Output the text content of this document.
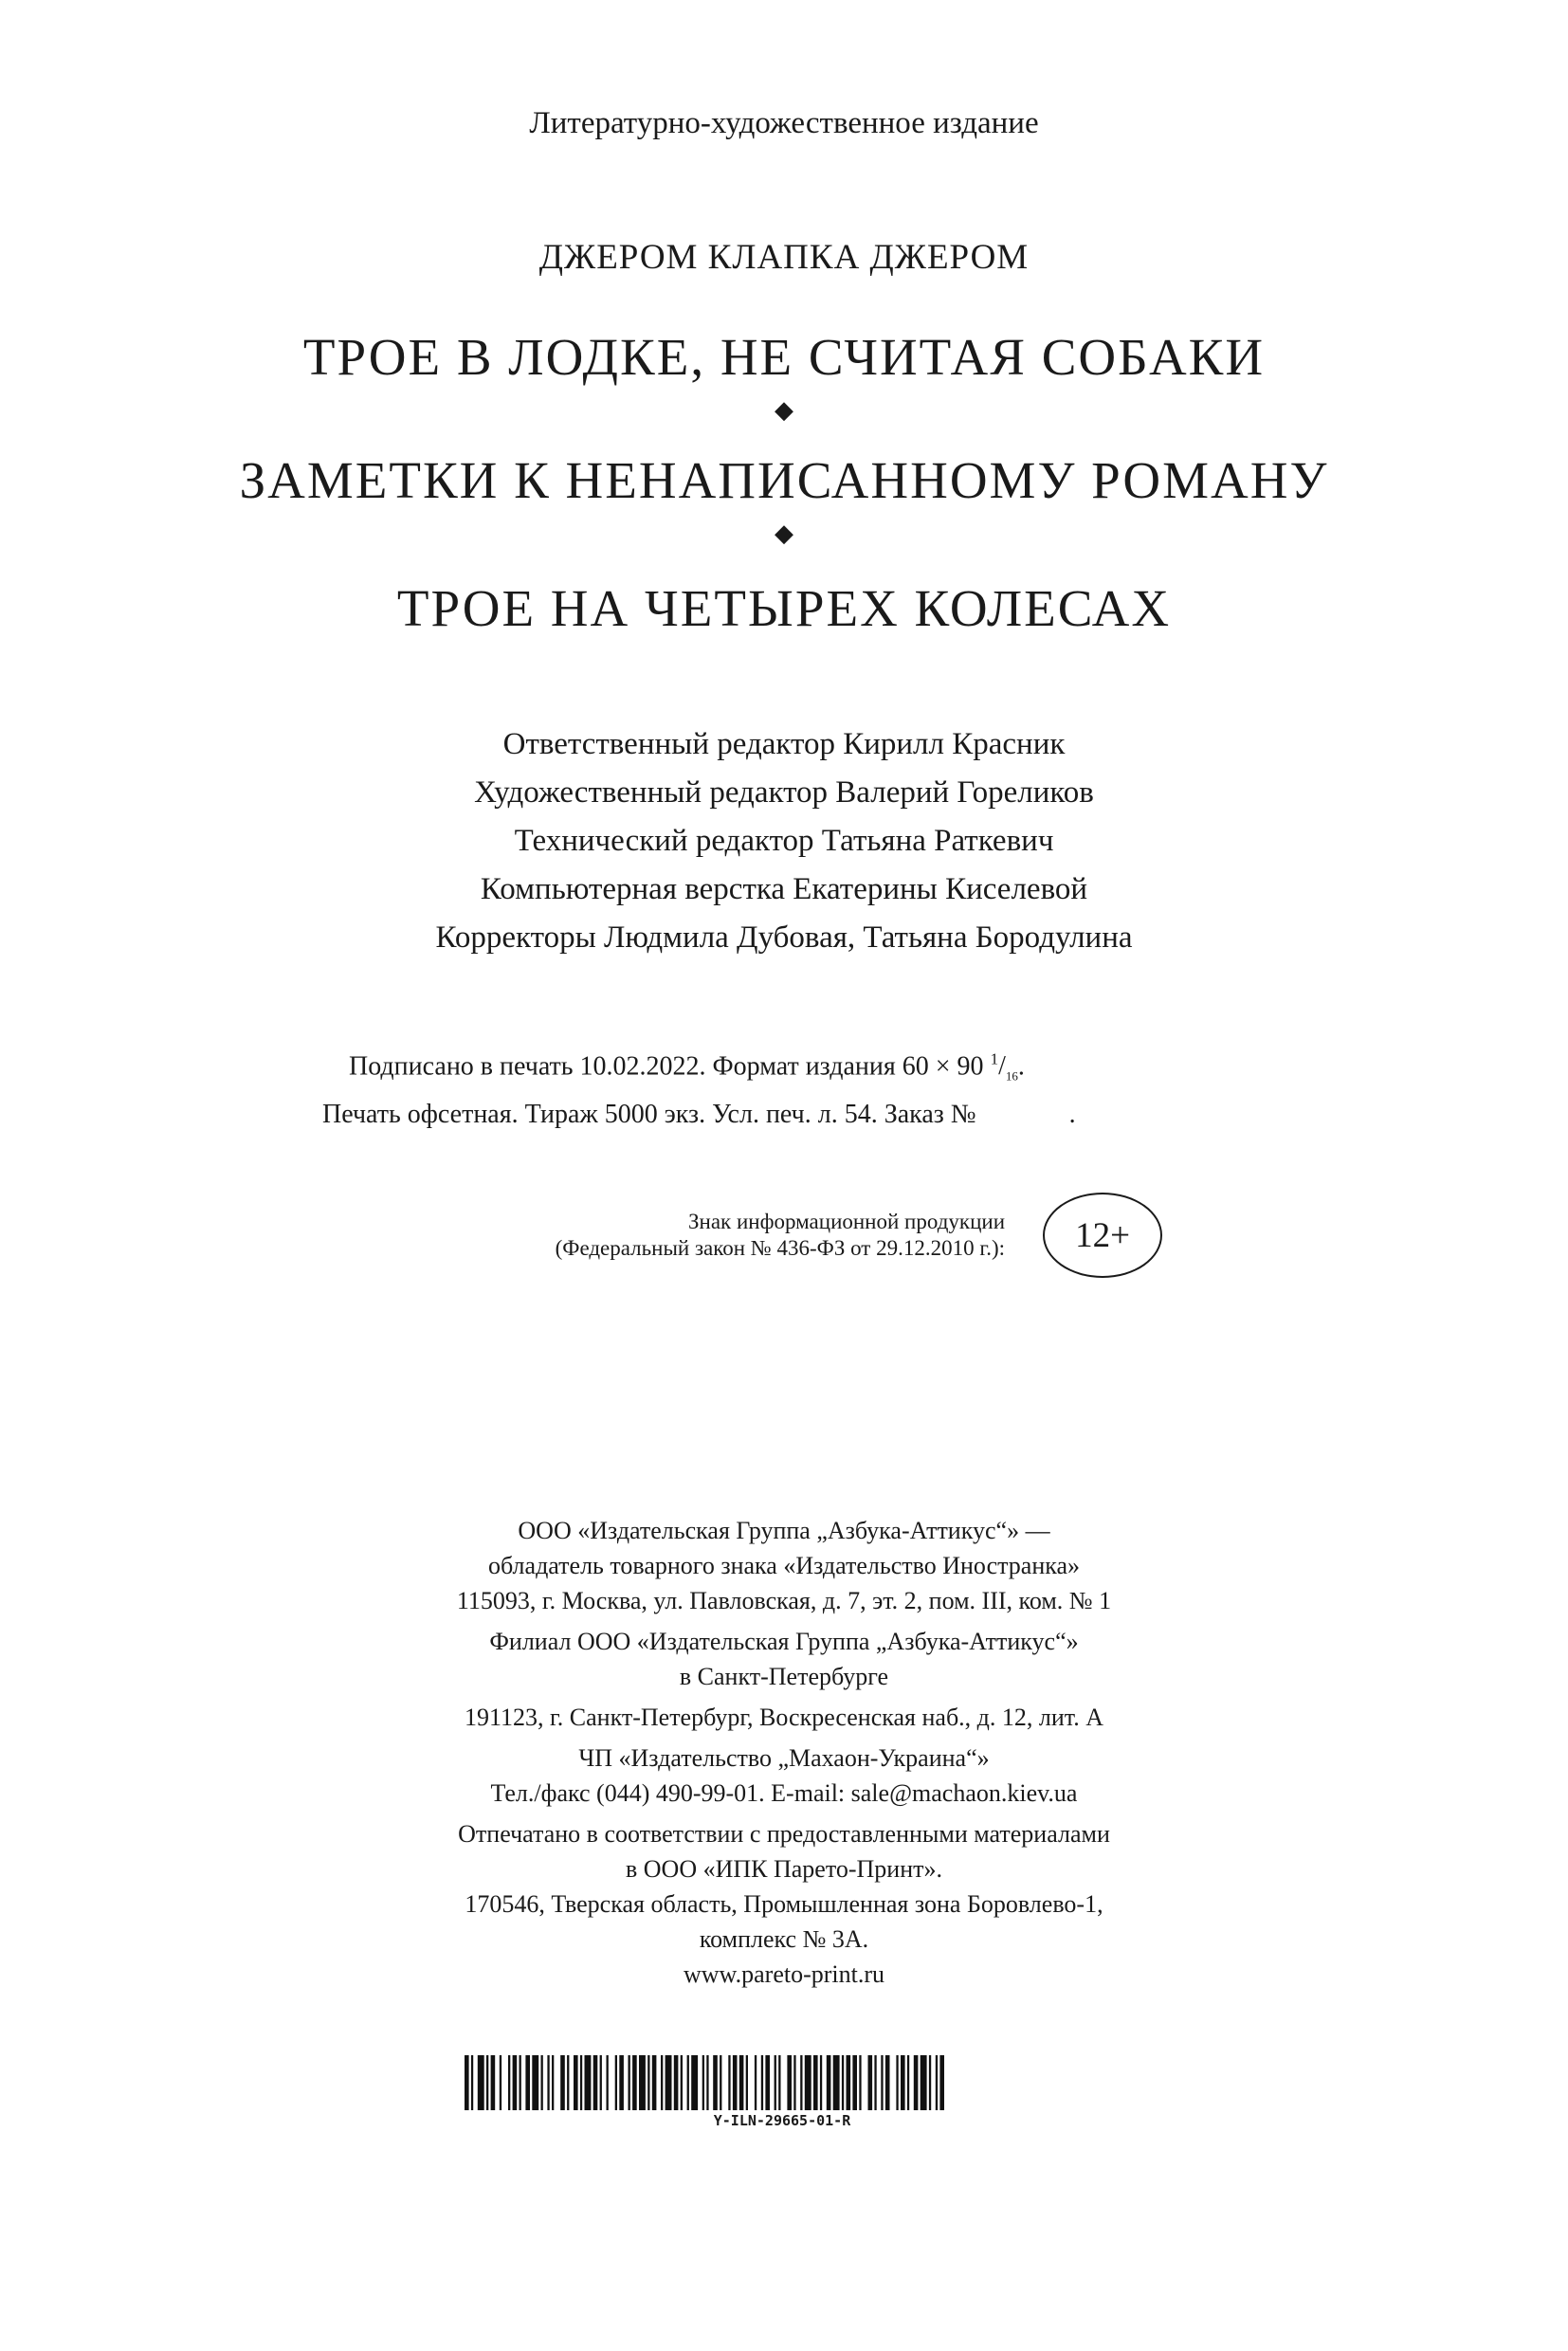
Литературно-художественное издание
ДЖЕРОМ КЛАПКА ДЖЕРОМ
ТРОЕ В ЛОДКЕ, НЕ СЧИТАЯ СОБАКИ
◆
ЗАМЕТКИ К НЕНАПИСАННОМУ РОМАНУ
◆
ТРОЕ НА ЧЕТЫРЕХ КОЛЕСАХ
Ответственный редактор Кирилл Красник
Художественный редактор Валерий Гореликов
Технический редактор Татьяна Раткевич
Компьютерная верстка Екатерины Киселевой
Корректоры Людмила Дубовая, Татьяна Бородулина
Подписано в печать 10.02.2022. Формат издания 60 × 90 $^1/_{16}$.
Печать офсетная. Тираж 5000 экз. Усл. печ. л. 54. Заказ №              .
Знак информационной продукции
(Федеральный закон № 436-ФЗ от 29.12.2010 г.): 12+
ООО «Издательская Группа „Азбука-Аттикус“» —
обладатель товарного знака «Издательство Иностранка»
115093, г. Москва, ул. Павловская, д. 7, эт. 2, пом. III, ком. № 1
Филиал ООО «Издательская Группа „Азбука-Аттикус“»
в Санкт-Петербурге
191123, г. Санкт-Петербург, Воскресенская наб., д. 12, лит. А
ЧП «Издательство „Махаон-Украина“»
Тел./факс (044) 490-99-01. E-mail: sale@machaon.kiev.ua
Отпечатано в соответствии с предоставленными материалами
в ООО «ИПК Парето-Принт».
170546, Тверская область, Промышленная зона Боровлево-1,
комплекс № 3А.
www.pareto-print.ru
Y-ILN-29665-01-R
